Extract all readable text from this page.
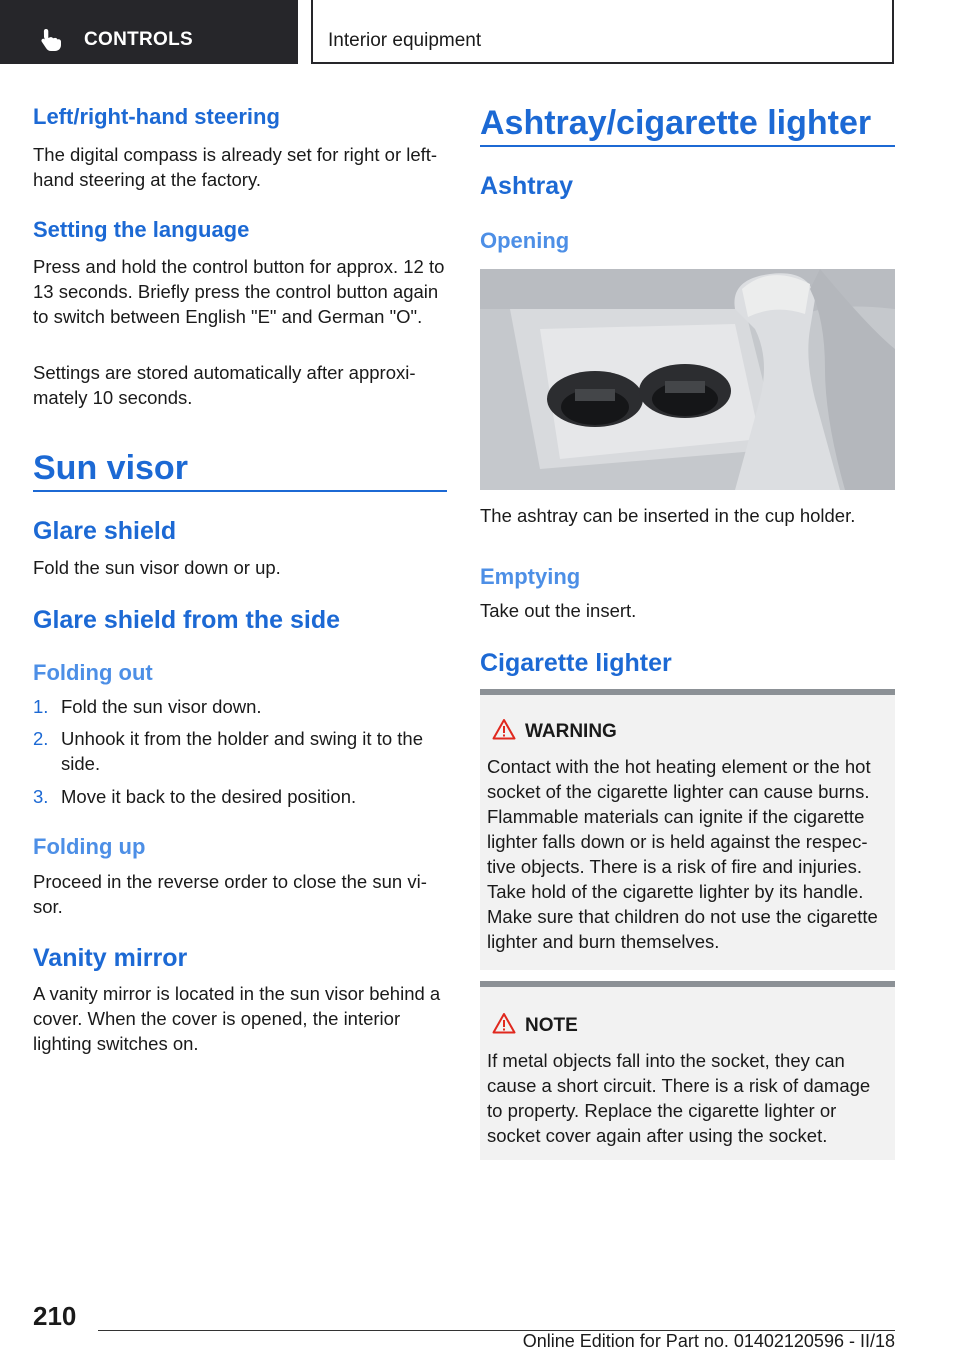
CONTROLS	Interior equipment
Left/right-hand steering

The digital compass is already set for right or left-hand steering at the factory.

Setting the language

Press and hold the control button for approx. 12 to 13 seconds. Briefly press the control button again to switch between English "E" and German "O".

Settings are stored automatically after approximately 10 seconds.

Sun visor
Glare shield

Fold the sun visor down or up.

Glare shield from the side
Folding out
1. Fold the sun visor down.
2. Unhook it from the holder and swing it to the side.
3. Move it back to the desired position.
Folding up

Proceed in the reverse order to close the sun visor.

Vanity mirror

A vanity mirror is located in the sun visor behind a cover. When the cover is opened, the interior lighting switches on.

Ashtray/cigarette lighter
Ashtray
Opening

The ashtray can be inserted in the cup holder.

Emptying

Take out the insert.

Cigarette lighter
WARNING
Contact with the hot heating element or the hot socket of the cigarette lighter can cause burns. Flammable materials can ignite if the cigarette lighter falls down or is held against the respective objects. There is a risk of fire and injuries. Take hold of the cigarette lighter by its handle. Make sure that children do not use the cigarette lighter and burn themselves.
NOTE
If metal objects fall into the socket, they can cause a short circuit. There is a risk of damage to property. Replace the cigarette lighter or socket cover again after using the socket.
210
Online Edition for Part no. 01402120596 - II/18
